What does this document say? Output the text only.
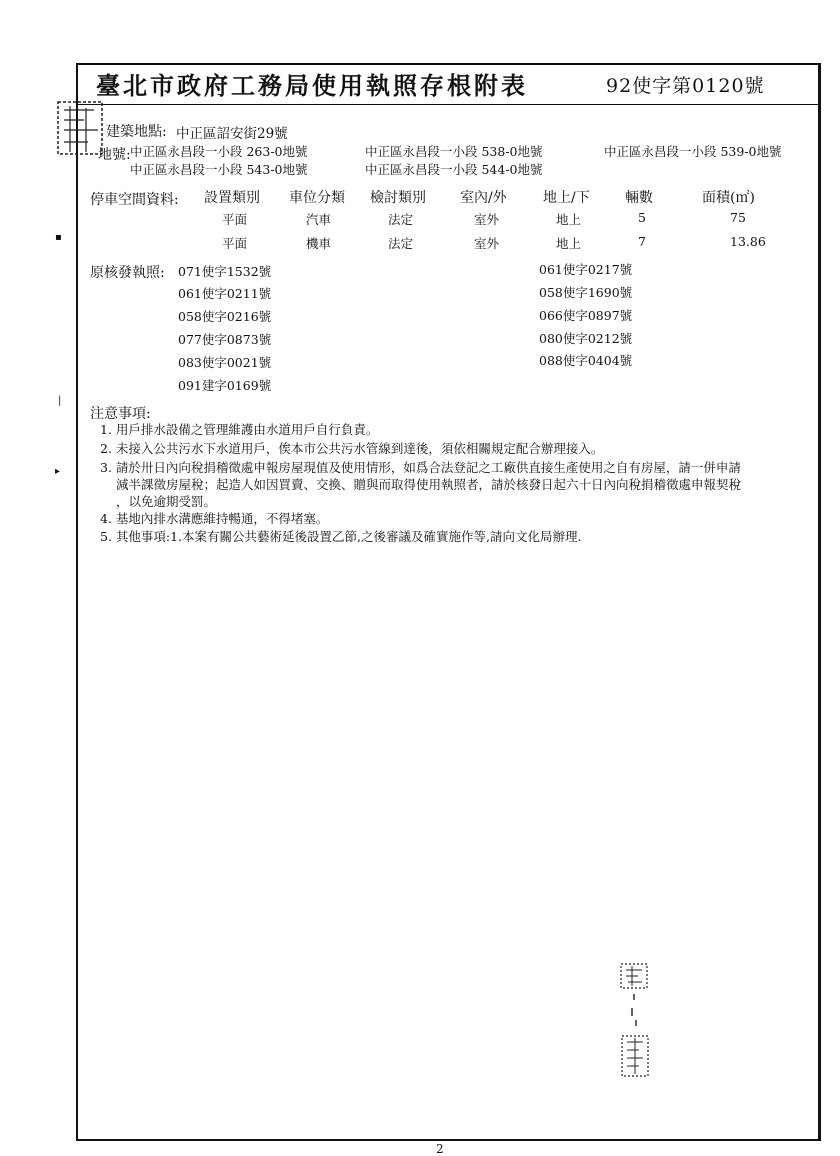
臺北市政府工務局使用執照存根附表	92使字第0120號
建築地點: 中正區詔安街29號
地號: 中正區永昌段一小段 263-0地號	中正區永昌段一小段 538-0地號	中正區永昌段一小段 539-0地號
中正區永昌段一小段 543-0地號	中正區永昌段一小段 544-0地號
停車空間資料: 設置類別 車位分類 檢討類別 室內/外	地上/下	輛數	面積(㎡)
平面	汽車	法定	室外	地上	5	75
平面	機車	法定	室外	地上	7	13.86
原核發執照: 071使字1532號
061使字0211號
058使字0216號
077使字0873號
083使字0021號
091建字0169號
061使字0217號
058使字1690號
066使字0897號
080使字0212號
088使字0404號
注意事項:
1. 用戶排水設備之管理維護由水道用戶自行負責。
2. 未接入公共污水下水道用戶，俟本市公共污水管線到達後，須依相關規定配合辦理接入。
3. 請於卅日內向稅捐稽徵處申報房屋現值及使用情形，如爲合法登記之工廠供直接生產使用之自有房屋，請一併申請
減半課徵房屋稅；起造人如因買賣、交換、贈與而取得使用執照者，請於核發日起六十日內向稅捐稽徵處申報契稅
，以免逾期受罰。
4. 基地內排水溝應維持暢通，不得堵塞。
5. 其他事項:1.本案有關公共藝術延後設置乙節,之後審議及確實施作等,請向文化局辦理.
▪
|
▸
2
